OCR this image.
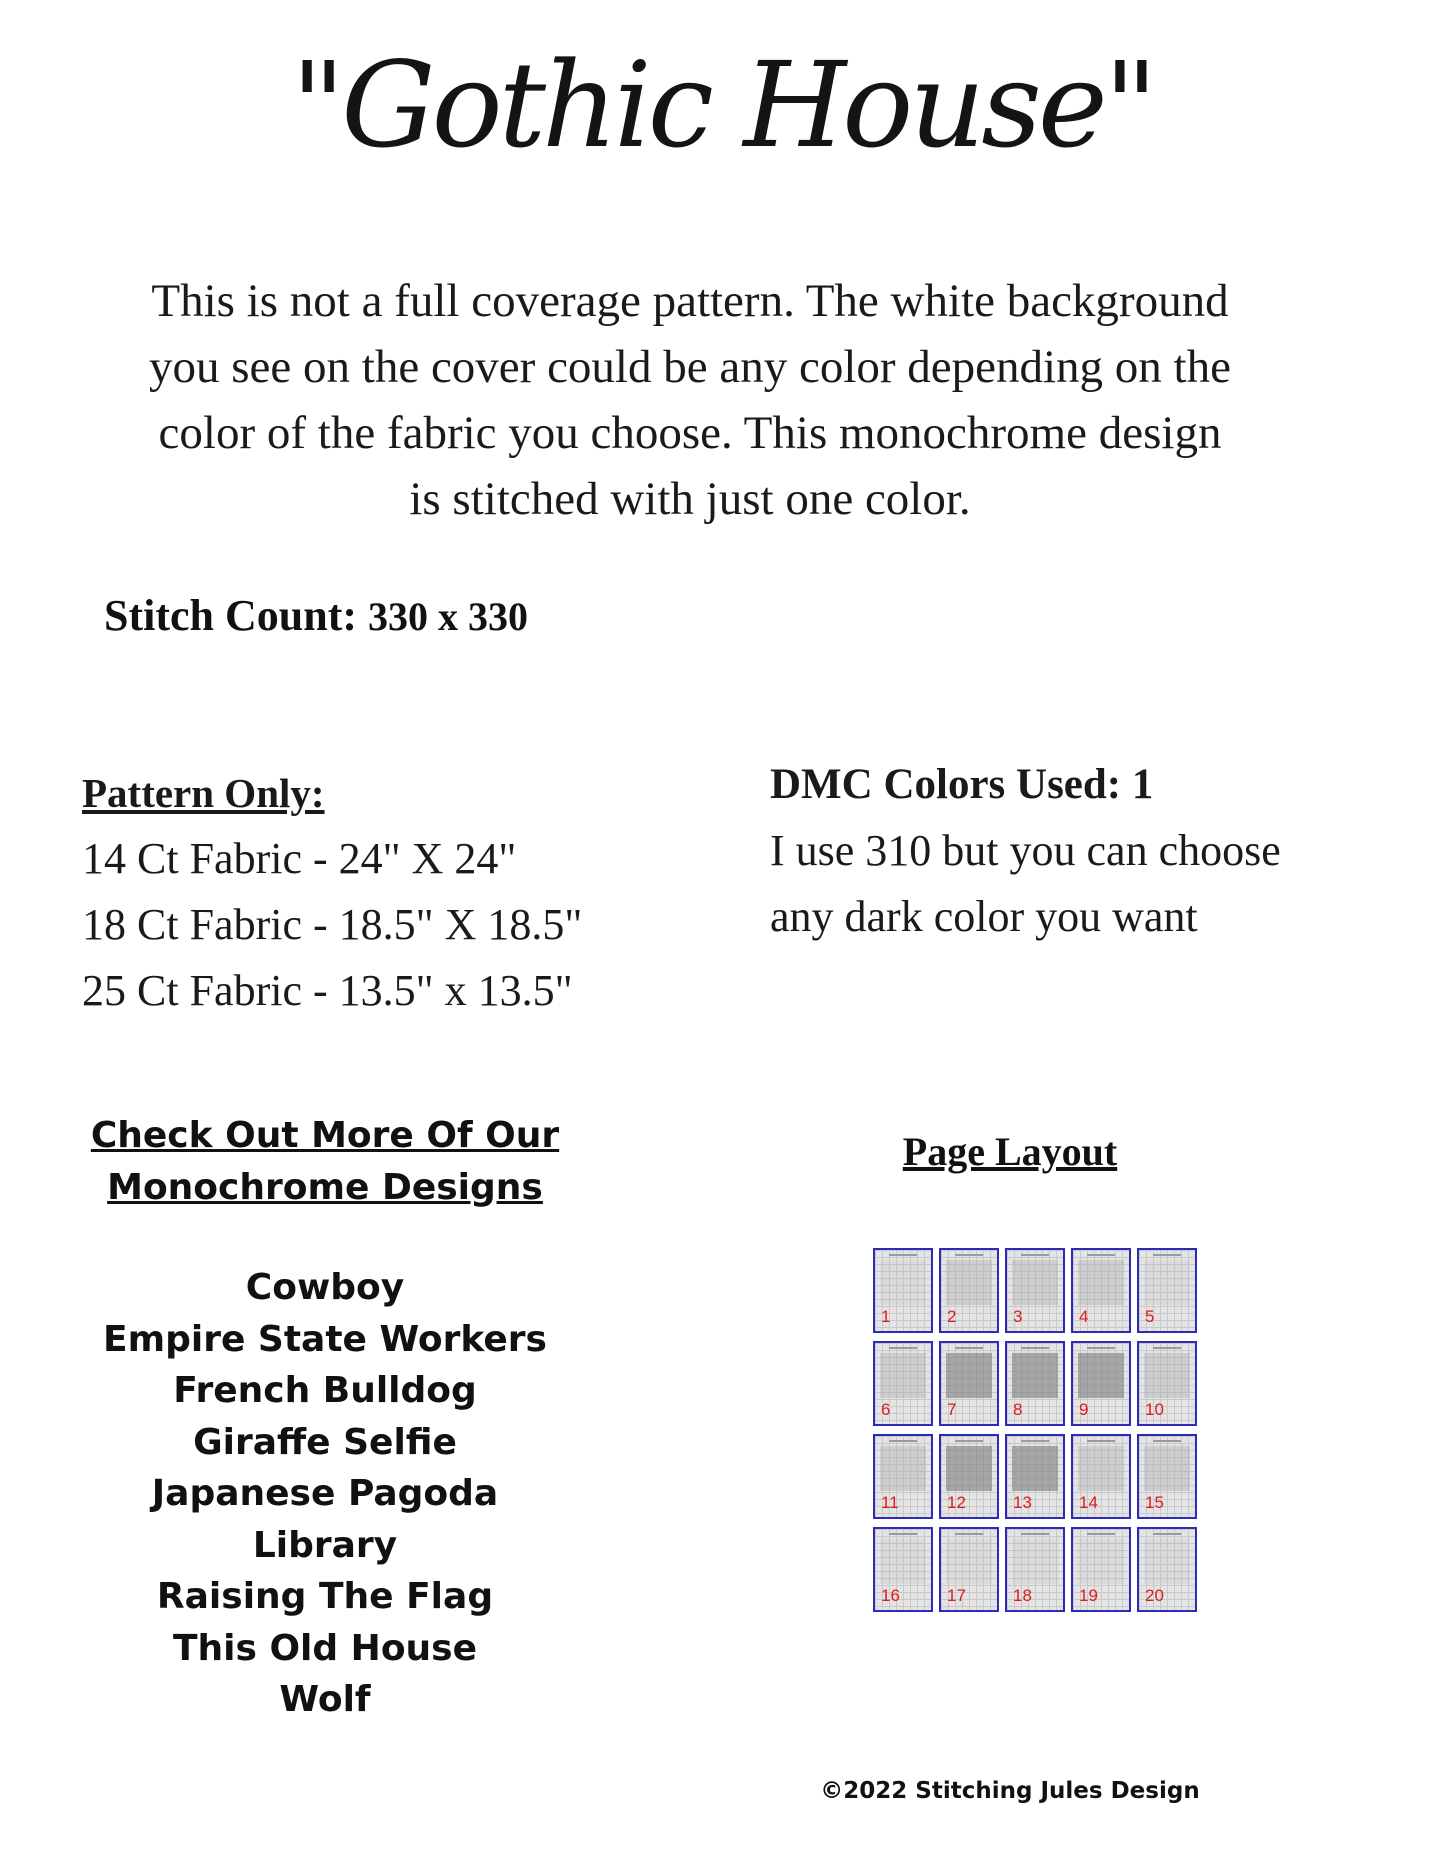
"Gothic House"
This is not a full coverage pattern. The white background you see on the cover could be any color depending on the color of the fabric you choose. This monochrome design is stitched with just one color.
Stitch Count: 330 x 330
Pattern Only:
14 Ct Fabric - 24" X 24"
18 Ct Fabric - 18.5" X 18.5"
25 Ct Fabric - 13.5" x 13.5"
DMC Colors Used: 1
I use 310 but you can choose
any dark color you want
Check Out More Of Our
Monochrome Designs
Cowboy
Empire State Workers
French Bulldog
Giraffe Selfie
Japanese Pagoda
Library
Raising The Flag
This Old House
Wolf
Page Layout
1	2	3	4	5
6	7	8	9	10
11	12	13	14	15
16	17	18	19	20
©2022 Stitching Jules Design
